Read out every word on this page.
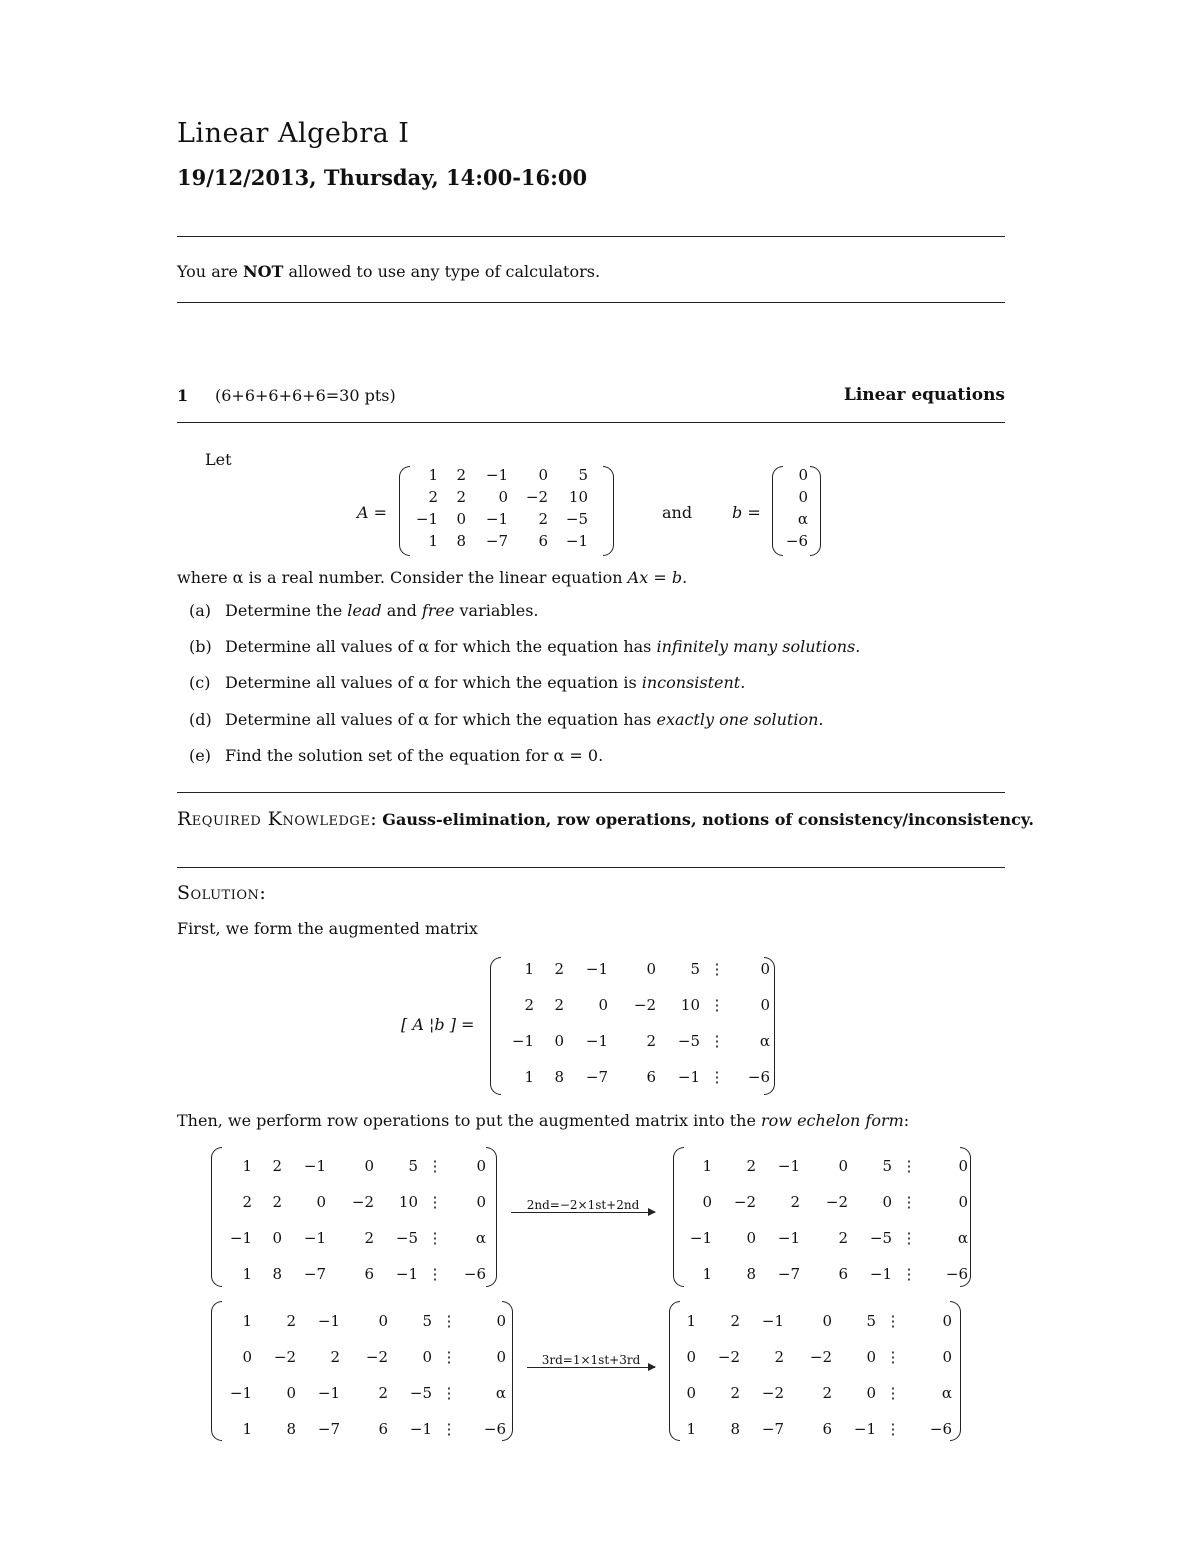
Linear Algebra I
19/12/2013, Thursday, 14:00-16:00
You are NOT allowed to use any type of calculators.
1 (6+6+6+6+6=30 pts)	Linear equations
Let
A =
1	2	−1	0	5
2	2	0	−2	10
−1	0	−1	2	−5
1	8	−7	6	−1
and b =
0
0
α
−6
where α is a real number. Consider the linear equation Ax = b.
(a)Determine the lead and free variables.
(b)Determine all values of α for which the equation has infinitely many solutions.
(c)Determine all values of α for which the equation is inconsistent.
(d)Determine all values of α for which the equation has exactly one solution.
(e)Find the solution set of the equation for α = 0.
Required Knowledge: Gauss-elimination, row operations, notions of consistency/inconsistency.
Solution:
First, we form the augmented matrix
[ A ¦b ] =
1	2	−1	0	5 ⋮	0
2	2	0	−2	10 ⋮	0
−1	0	−1	2	−5 ⋮	α
1	8	−7	6	−1 ⋮	−6
Then, we perform row operations to put the augmented matrix into the row echelon form:
1	2	−1	0	5 ⋮	0
2	2	0	−2	10 ⋮	0
−1	0	−1	2	−5 ⋮	α
1	8	−7	6	−1 ⋮	−6
2nd=−2×1st+2nd
1	2	−1	0	5 ⋮	0
0	−2	2	−2	0 ⋮	0
−1	0	−1	2	−5 ⋮	α
1	8	−7	6	−1 ⋮	−6
1	2	−1	0	5 ⋮	0
0	−2	2	−2	0 ⋮	0
−1	0	−1	2	−5 ⋮	α
1	8	−7	6	−1 ⋮	−6
3rd=1×1st+3rd
1	2	−1	0	5 ⋮	0
0	−2	2	−2	0 ⋮	0
0	2	−2	2	0 ⋮	α
1	8	−7	6	−1 ⋮	−6
